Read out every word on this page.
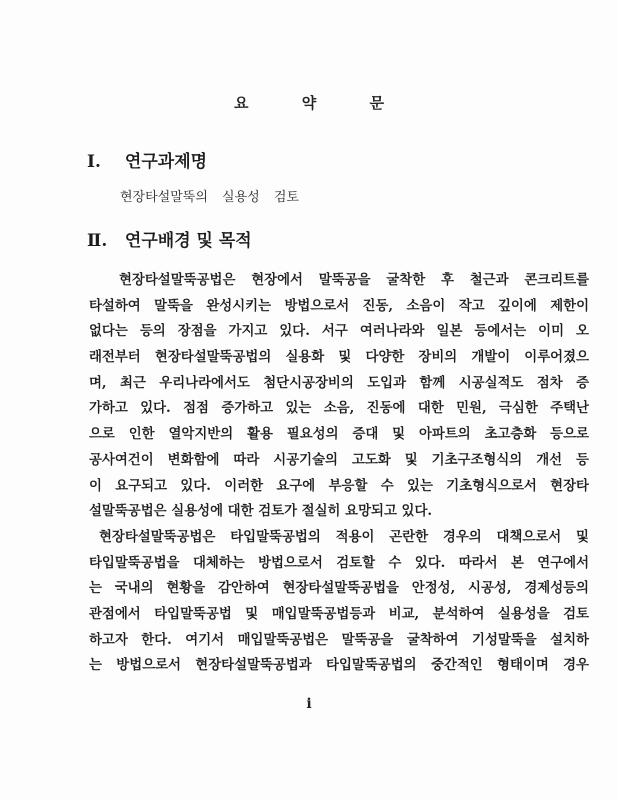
요 약 문
Ⅰ. 연구과제명
현장타설말뚝의 실용성 검토
Ⅱ. 연구배경 및 목적
현장타설말뚝공법은 현장에서 말뚝공을 굴착한 후 철근과 콘크리트를
타설하여 말뚝을 완성시키는 방법으로서 진동, 소음이 작고 깊이에 제한이
없다는 등의 장점을 가지고 있다. 서구 여러나라와 일본 등에서는 이미 오
래전부터 현장타설말뚝공법의 실용화 및 다양한 장비의 개발이 이루어졌으
며, 최근 우리나라에서도 첨단시공장비의 도입과 함께 시공실적도 점차 증
가하고 있다. 점점 증가하고 있는 소음, 진동에 대한 민원, 극심한 주택난
으로 인한 열악지반의 활용 필요성의 증대 및 아파트의 초고층화 등으로
공사여건이 변화함에 따라 시공기술의 고도화 및 기초구조형식의 개선 등
이 요구되고 있다. 이러한 요구에 부응할 수 있는 기초형식으로서 현장타
설말뚝공법은 실용성에 대한 검토가 절실히 요망되고 있다.
현장타설말뚝공법은 타입말뚝공법의 적용이 곤란한 경우의 대책으로서 및
타입말뚝공법을 대체하는 방법으로서 검토할 수 있다. 따라서 본 연구에서
는 국내의 현황을 감안하여 현장타설말뚝공법을 안정성, 시공성, 경제성등의
관점에서 타입말뚝공법 및 매입말뚝공법등과 비교, 분석하여 실용성을 검토
하고자 한다. 여기서 매입말뚝공법은 말뚝공을 굴착하여 기성말뚝을 설치하
는 방법으로서 현장타설말뚝공법과 타입말뚝공법의 중간적인 형태이며 경우
i
